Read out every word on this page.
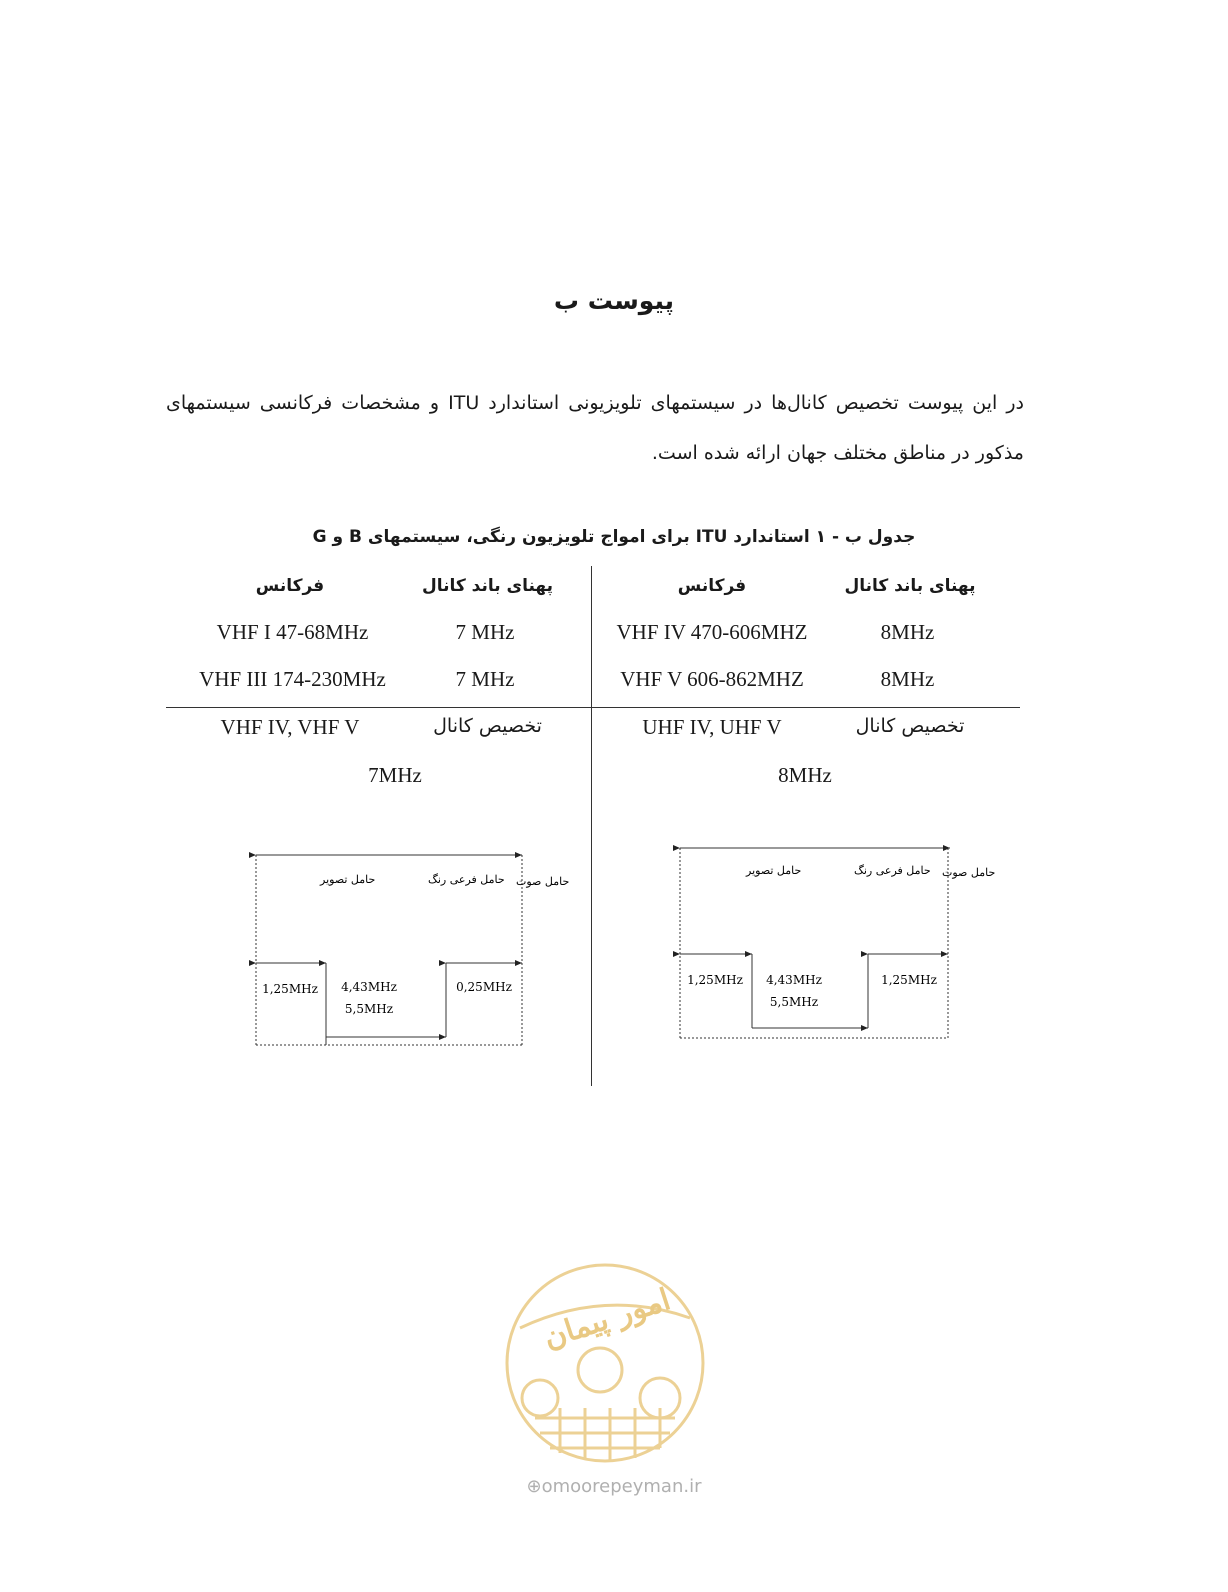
پیوست ب
در این پیوست تخصیص کانال‌ها در سیستمهای تلویزیونی استاندارد ITU و مشخصات فرکانسی سیستمهای مذکور در مناطق مختلف جهان ارائه شده است.
جدول ب - ۱ استاندارد ITU برای امواج تلویزیون رنگی، سیستمهای B و G
پهنای باند کانال
فرکانس
8MHz
VHF IV 470-606MHZ
8MHz
VHF V 606-862MHZ
تخصیص کانال
UHF IV, UHF V
8MHz
پهنای باند کانال
فرکانس
7 MHz
VHF I 47-68MHz
7 MHz
VHF III 174-230MHz
تخصیص کانال
VHF IV, VHF V
7MHz
حامل تصویر	حامل فرعی رنگ حامل صوت
1,25MHz 4,43MHz
5,5MHz
0,25MHz
حامل تصویر	حامل فرعی رنگ حامل صوت
1,25MHz 4,43MHz
5,5MHz
1,25MHz
امور پیمان
⊕omoorepeyman.ir
